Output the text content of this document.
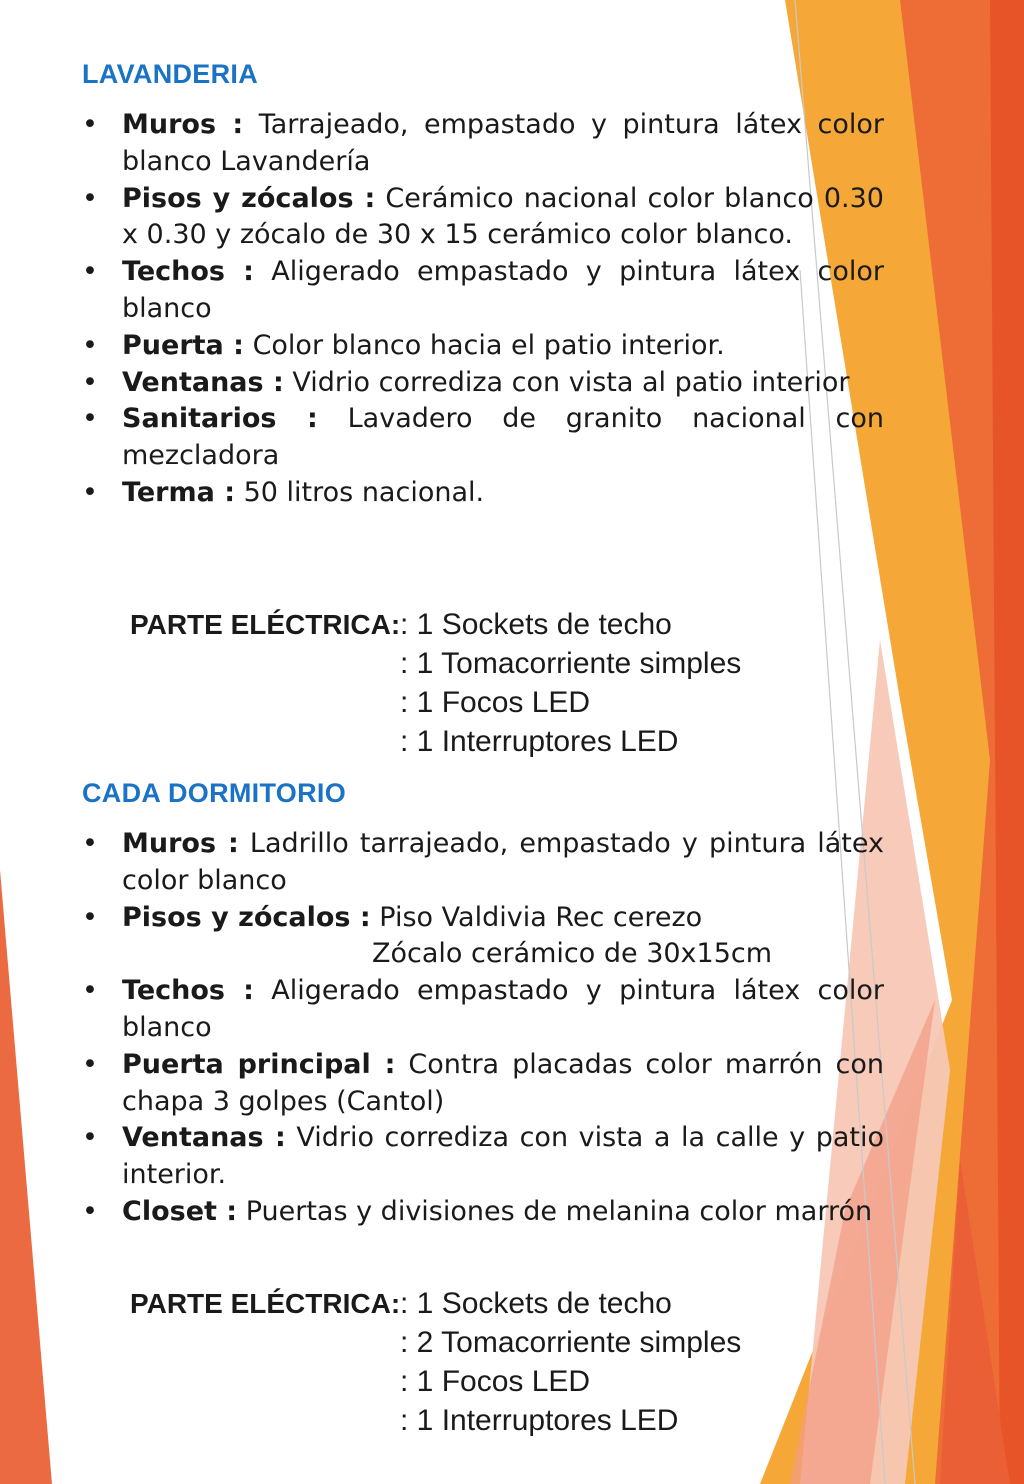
LAVANDERIA
• Muros : Tarrajeado, empastado y pintura látex color blanco Lavandería
• Pisos y zócalos : Cerámico nacional color blanco 0.30 x 0.30 y zócalo de 30 x 15 cerámico color blanco.
• Techos : Aligerado empastado y pintura látex color blanco
• Puerta : Color blanco hacia el patio interior.
• Ventanas : Vidrio corrediza con vista al patio interior
• Sanitarios : Lavadero de granito nacional con mezcladora
• Terma : 50 litros nacional.
PARTE ELÉCTRICA: : 1 Sockets de techo
: 1 Tomacorriente simples
: 1 Focos LED
: 1 Interruptores LED
CADA DORMITORIO
• Muros : Ladrillo tarrajeado, empastado y pintura látex color blanco
• Pisos y zócalos : Piso Valdivia Rec cerezo
Zócalo cerámico de 30x15cm
• Techos : Aligerado empastado y pintura látex color blanco
• Puerta principal : Contra placadas color marrón con chapa 3 golpes (Cantol)
• Ventanas : Vidrio corrediza con vista a la calle y patio interior.
• Closet : Puertas y divisiones de melanina color marrón
PARTE ELÉCTRICA: : 1 Sockets de techo
: 2 Tomacorriente simples
: 1 Focos LED
: 1 Interruptores LED
